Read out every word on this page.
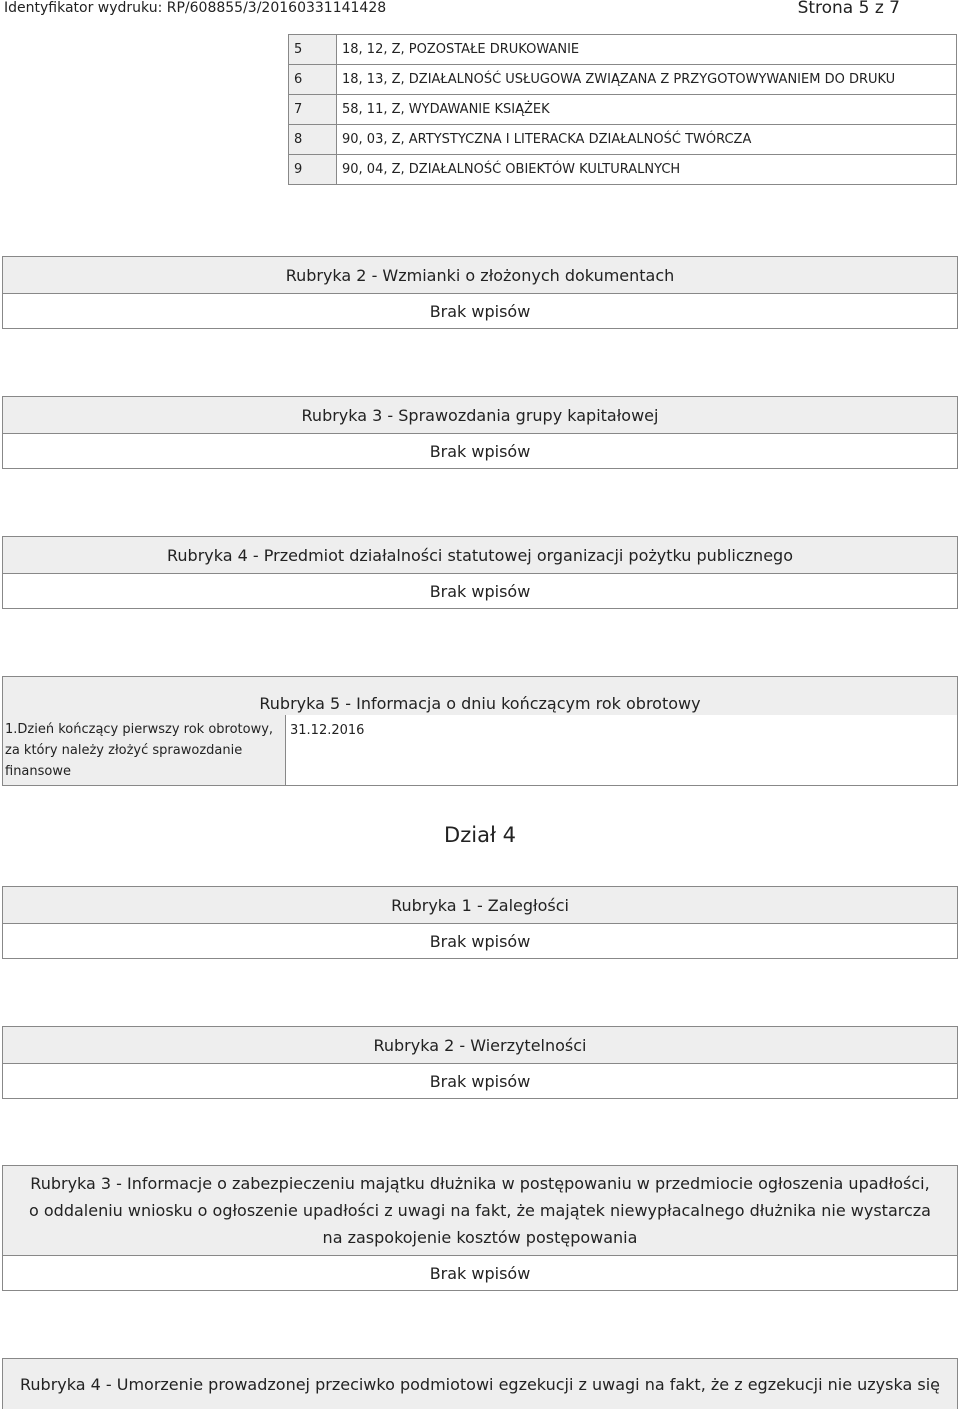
Identyfikator wydruku: RP/608855/3/20160331141428	Strona 5 z 7
5	18, 12, Z, POZOSTAŁE DRUKOWANIE
6	18, 13, Z, DZIAŁALNOŚĆ USŁUGOWA ZWIĄZANA Z PRZYGOTOWYWANIEM DO DRUKU
7	58, 11, Z, WYDAWANIE KSIĄŻEK
8	90, 03, Z, ARTYSTYCZNA I LITERACKA DZIAŁALNOŚĆ TWÓRCZA
9	90, 04, Z, DZIAŁALNOŚĆ OBIEKTÓW KULTURALNYCH
Rubryka 2 - Wzmianki o złożonych dokumentach
Brak wpisów
Rubryka 3 - Sprawozdania grupy kapitałowej
Brak wpisów
Rubryka 4 - Przedmiot działalności statutowej organizacji pożytku publicznego
Brak wpisów
Rubryka 5 - Informacja o dniu kończącym rok obrotowy
1.Dzień kończący pierwszy rok obrotowy, za który należy złożyć sprawozdanie finansowe
31.12.2016
Dział 4
Rubryka 1 - Zaległości
Brak wpisów
Rubryka 2 - Wierzytelności
Brak wpisów
Rubryka 3 - Informacje o zabezpieczeniu majątku dłużnika w postępowaniu w przedmiocie ogłoszenia upadłości, o oddaleniu wniosku o ogłoszenie upadłości z uwagi na fakt, że majątek niewypłacalnego dłużnika nie wystarcza na zaspokojenie kosztów postępowania
Brak wpisów
Rubryka 4 - Umorzenie prowadzonej przeciwko podmiotowi egzekucji z uwagi na fakt, że z egzekucji nie uzyska się
